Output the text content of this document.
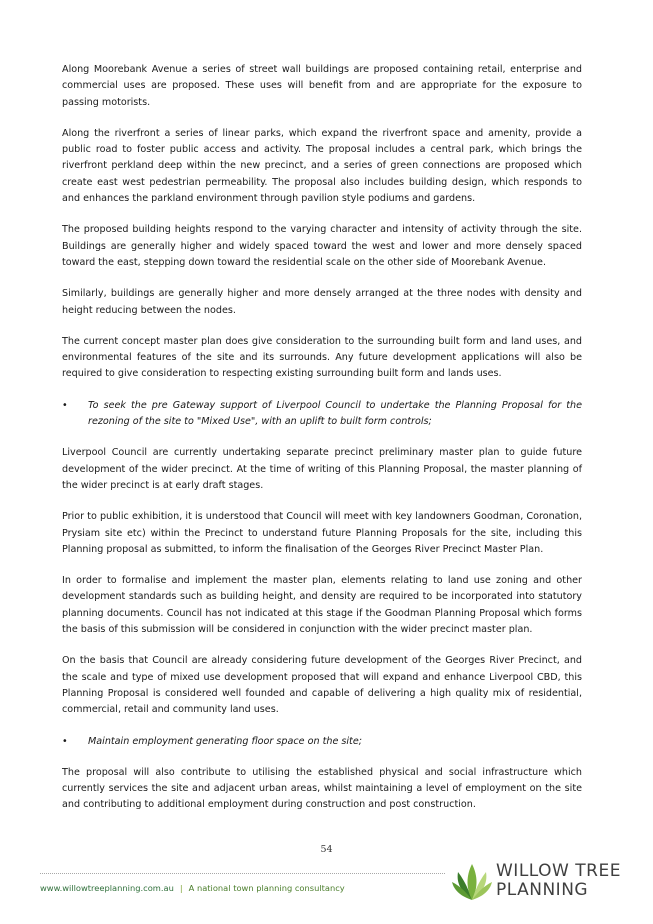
Along Moorebank Avenue a series of street wall buildings are proposed containing retail, enterprise and commercial uses are proposed. These uses will benefit from and are appropriate for the exposure to passing motorists.

Along the riverfront a series of linear parks, which expand the riverfront space and amenity, provide a public road to foster public access and activity. The proposal includes a central park, which brings the riverfront perkland deep within the new precinct, and a series of green connections are proposed which create east west pedestrian permeability. The proposal also includes building design, which responds to and enhances the parkland environment through pavilion style podiums and gardens.

The proposed building heights respond to the varying character and intensity of activity through the site. Buildings are generally higher and widely spaced toward the west and lower and more densely spaced toward the east, stepping down toward the residential scale on the other side of Moorebank Avenue.

Similarly, buildings are generally higher and more densely arranged at the three nodes with density and height reducing between the nodes.

The current concept master plan does give consideration to the surrounding built form and land uses, and environmental features of the site and its surrounds. Any future development applications will also be required to give consideration to respecting existing surrounding built form and lands uses.

• To seek the pre Gateway support of Liverpool Council to undertake the Planning Proposal for the rezoning of the site to "Mixed Use", with an uplift to built form controls;

Liverpool Council are currently undertaking separate precinct preliminary master plan to guide future development of the wider precinct. At the time of writing of this Planning Proposal, the master planning of the wider precinct is at early draft stages.

Prior to public exhibition, it is understood that Council will meet with key landowners Goodman, Coronation, Prysiam site etc) within the Precinct to understand future Planning Proposals for the site, including this Planning proposal as submitted, to inform the finalisation of the Georges River Precinct Master Plan.

In order to formalise and implement the master plan, elements relating to land use zoning and other development standards such as building height, and density are required to be incorporated into statutory planning documents. Council has not indicated at this stage if the Goodman Planning Proposal which forms the basis of this submission will be considered in conjunction with the wider precinct master plan.

On the basis that Council are already considering future development of the Georges River Precinct, and the scale and type of mixed use development proposed that will expand and enhance Liverpool CBD, this Planning Proposal is considered well founded and capable of delivering a high quality mix of residential, commercial, retail and community land uses.

• Maintain employment generating floor space on the site;

The proposal will also contribute to utilising the established physical and social infrastructure which currently services the site and adjacent urban areas, whilst maintaining a level of employment on the site and contributing to additional employment during construction and post construction.

54
www.willowtreeplanning.com.au | A national town planning consultancy
WILLOW TREE
PLANNING
